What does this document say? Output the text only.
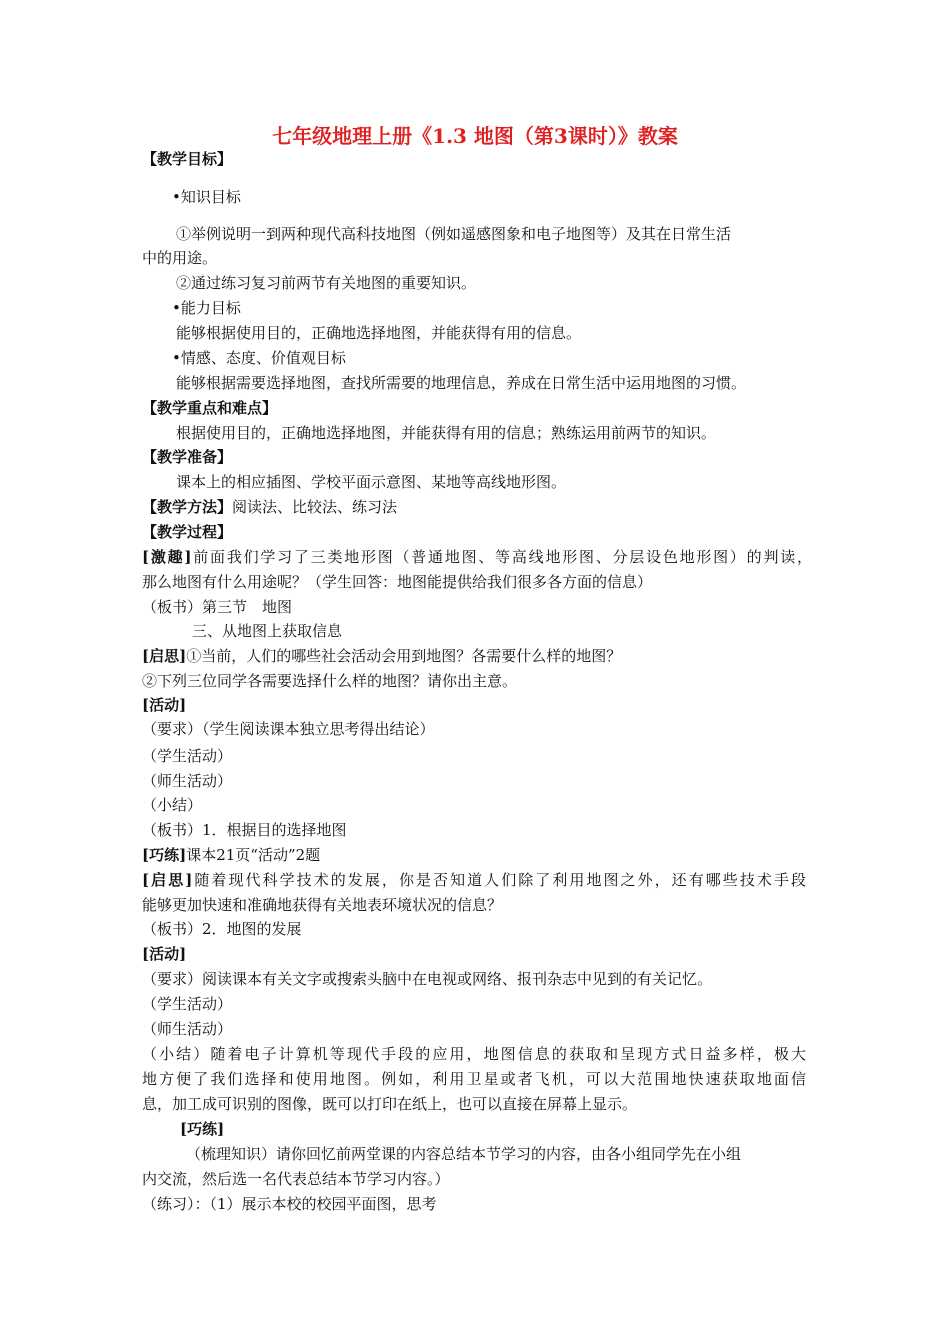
七年级地理上册《1.3 地图（第3课时）》教案
【教学目标】
•知识目标
①举例说明一到两种现代高科技地图（例如遥感图象和电子地图等）及其在日常生活
中的用途。
②通过练习复习前两节有关地图的重要知识。
•能力目标
能够根据使用目的，正确地选择地图，并能获得有用的信息。
•情感、态度、价值观目标
能够根据需要选择地图，查找所需要的地理信息，养成在日常生活中运用地图的习惯。
【教学重点和难点】
根据使用目的，正确地选择地图，并能获得有用的信息；熟练运用前两节的知识。
【教学准备】
课本上的相应插图、学校平面示意图、某地等高线地形图。
【教学方法】阅读法、比较法、练习法
【教学过程】
[激趣]前面我们学习了三类地形图（普通地图、等高线地形图、分层设色地形图）的判读，
那么地图有什么用途呢？（学生回答：地图能提供给我们很多各方面的信息）
（板书）第三节　地图
三、从地图上获取信息
[启思]①当前，人们的哪些社会活动会用到地图？各需要什么样的地图？
②下列三位同学各需要选择什么样的地图？请你出主意。
[活动]
（要求）（学生阅读课本独立思考得出结论）
（学生活动）
（师生活动）
（小结）
（板书）1．根据目的选择地图
[巧练]课本21页“活动”2题
[启思]随着现代科学技术的发展，你是否知道人们除了利用地图之外，还有哪些技术手段
能够更加快速和准确地获得有关地表环境状况的信息？
（板书）2．地图的发展
[活动]
（要求）阅读课本有关文字或搜索头脑中在电视或网络、报刊杂志中见到的有关记忆。
（学生活动）
（师生活动）
（小结）随着电子计算机等现代手段的应用，地图信息的获取和呈现方式日益多样，极大
地方便了我们选择和使用地图。例如，利用卫星或者飞机，可以大范围地快速获取地面信
息，加工成可识别的图像，既可以打印在纸上，也可以直接在屏幕上显示。
[巧练]
（梳理知识）请你回忆前两堂课的内容总结本节学习的内容，由各小组同学先在小组
内交流，然后选一名代表总结本节学习内容。）
（练习）：（1）展示本校的校园平面图，思考
